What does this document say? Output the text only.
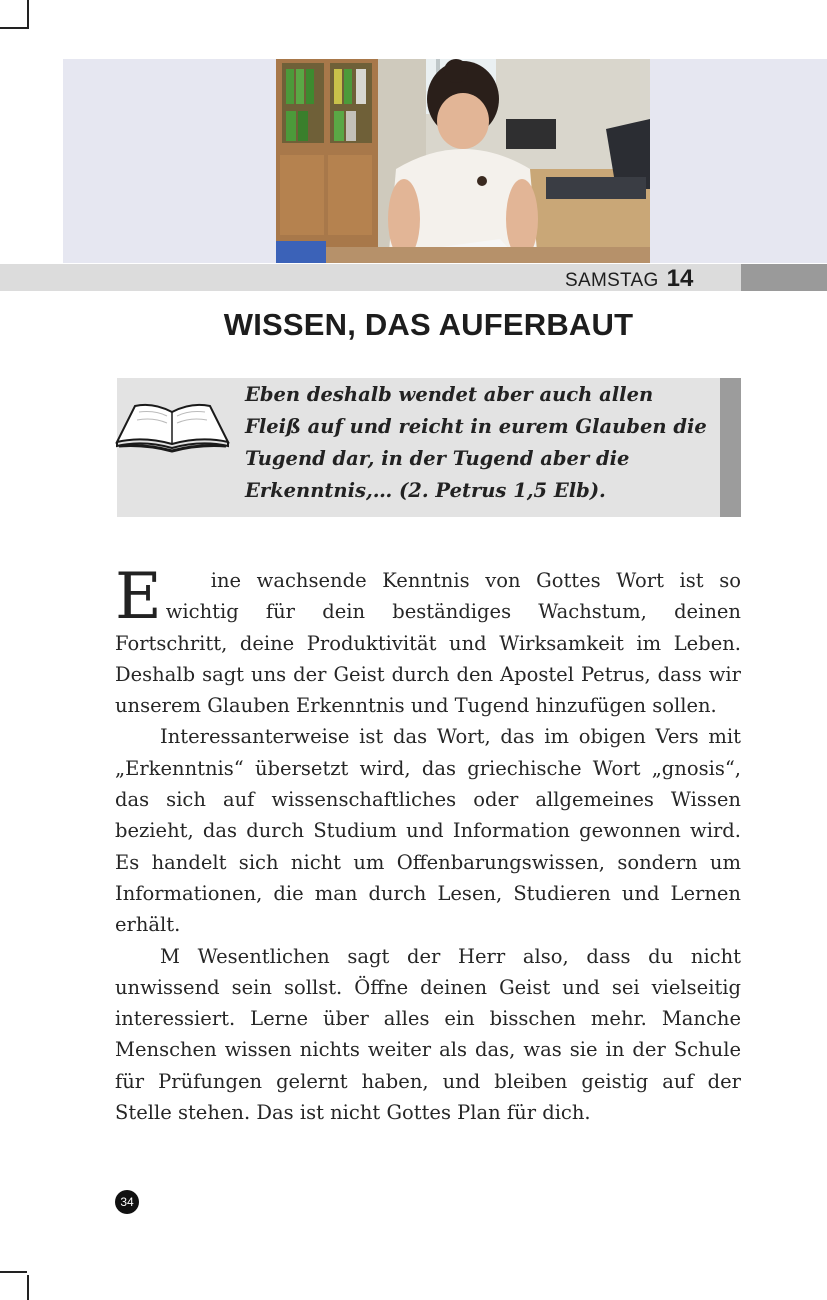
SAMSTAG 14
WISSEN, DAS AUFERBAUT
Eben deshalb wendet aber auch allen Fleiß auf und reicht in eurem Glauben die Tugend dar, in der Tugend aber die Erkenntnis,… (2. Petrus 1,5 Elb).

E	ine wachsende Kenntnis von Gottes Wort ist so wichtig für dein beständiges Wachstum, deinen Fortschritt, deine Produktivität und Wirksamkeit im Leben. Deshalb sagt uns der Geist durch den Apostel Petrus, dass wir unserem Glauben Erkenntnis und Tugend hinzufügen sollen.

Interessanterweise ist das Wort, das im obigen Vers mit „Erkenntnis“ übersetzt wird, das griechische Wort „gnosis“, das sich auf wissenschaftliches oder allgemeines Wissen bezieht, das durch Studium und Information gewonnen wird. Es handelt sich nicht um Offenbarungswissen, sondern um Informationen, die man durch Lesen, Studieren und Lernen erhält.

M Wesentlichen sagt der Herr also, dass du nicht unwissend sein sollst. Öffne deinen Geist und sei vielseitig interessiert. Lerne über alles ein bisschen mehr. Manche Menschen wissen nichts weiter als das, was sie in der Schule für Prüfungen gelernt haben, und bleiben geistig auf der Stelle stehen. Das ist nicht Gottes Plan für dich.

34
